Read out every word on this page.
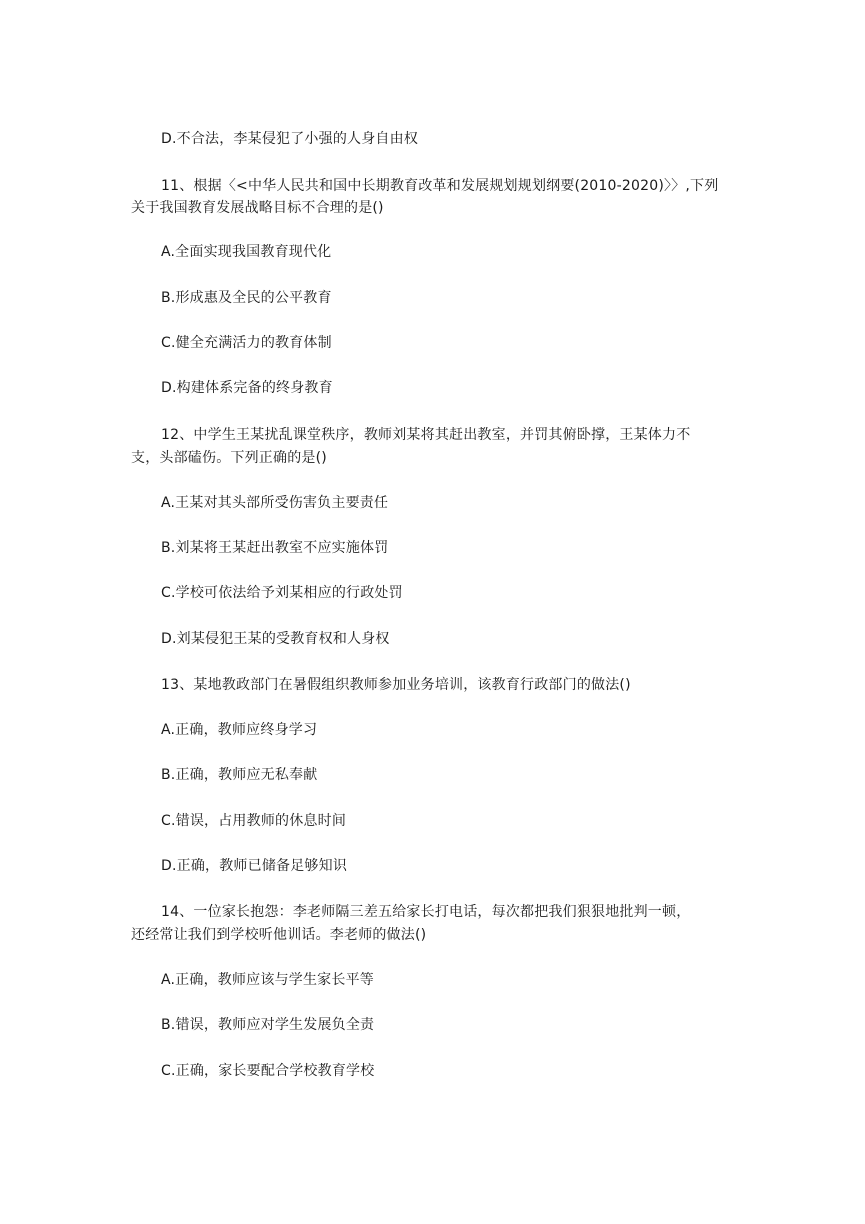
D.不合法，李某侵犯了小强的人身自由权
11、根据〈<中华人民共和国中长期教育改革和发展规划规划纲要(2010-2020)〉〉,下列
关于我国教育发展战略目标不合理的是()
A.全面实现我国教育现代化
B.形成惠及全民的公平教育
C.健全充满活力的教育体制
D.构建体系完备的终身教育
12、中学生王某扰乱课堂秩序，教师刘某将其赶出教室，并罚其俯卧撑，王某体力不
支，头部磕伤。下列正确的是()
A.王某对其头部所受伤害负主要责任
B.刘某将王某赶出教室不应实施体罚
C.学校可依法给予刘某相应的行政处罚
D.刘某侵犯王某的受教育权和人身权
13、某地教政部门在暑假组织教师参加业务培训，该教育行政部门的做法()
A.正确，教师应终身学习
B.正确，教师应无私奉献
C.错误，占用教师的休息时间
D.正确，教师已储备足够知识
14、一位家长抱怨：李老师隔三差五给家长打电话，每次都把我们狠狠地批判一顿，
还经常让我们到学校听他训话。李老师的做法()
A.正确，教师应该与学生家长平等
B.错误，教师应对学生发展负全责
C.正确，家长要配合学校教育学校
